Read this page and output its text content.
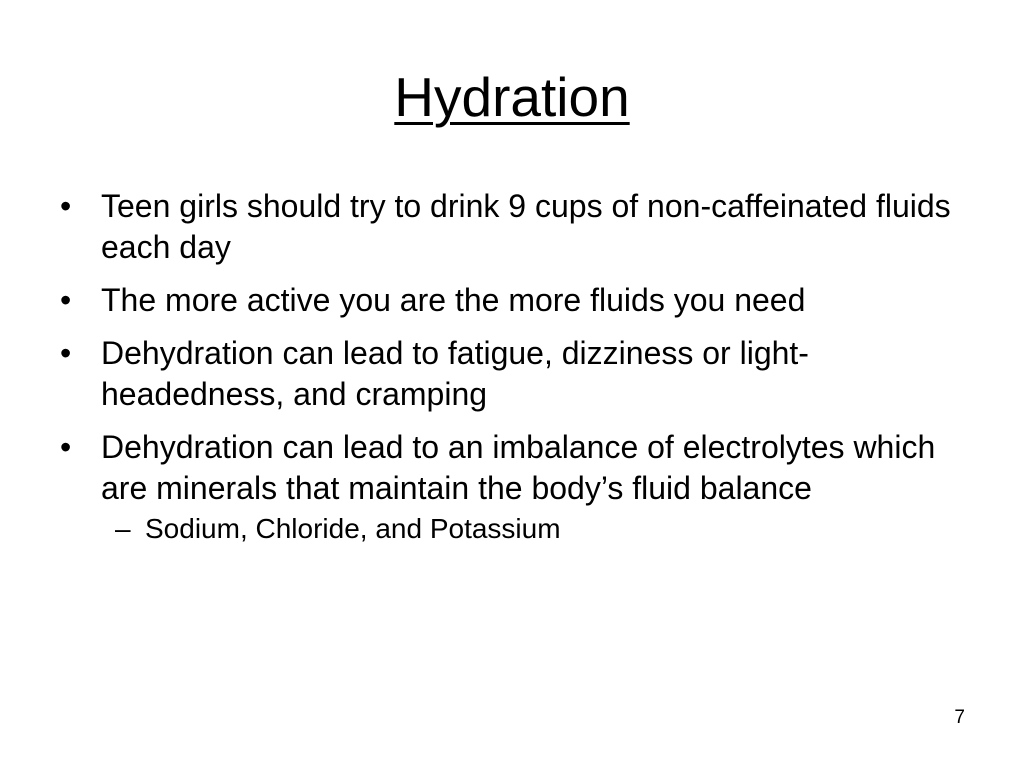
Hydration
• Teen girls should try to drink 9 cups of non-caffeinated fluids each day
• The more active you are the more fluids you need
• Dehydration can lead to fatigue, dizziness or light-headedness, and cramping
• Dehydration can lead to an imbalance of electrolytes which are minerals that maintain the body’s fluid balance
– Sodium, Chloride, and Potassium
7
